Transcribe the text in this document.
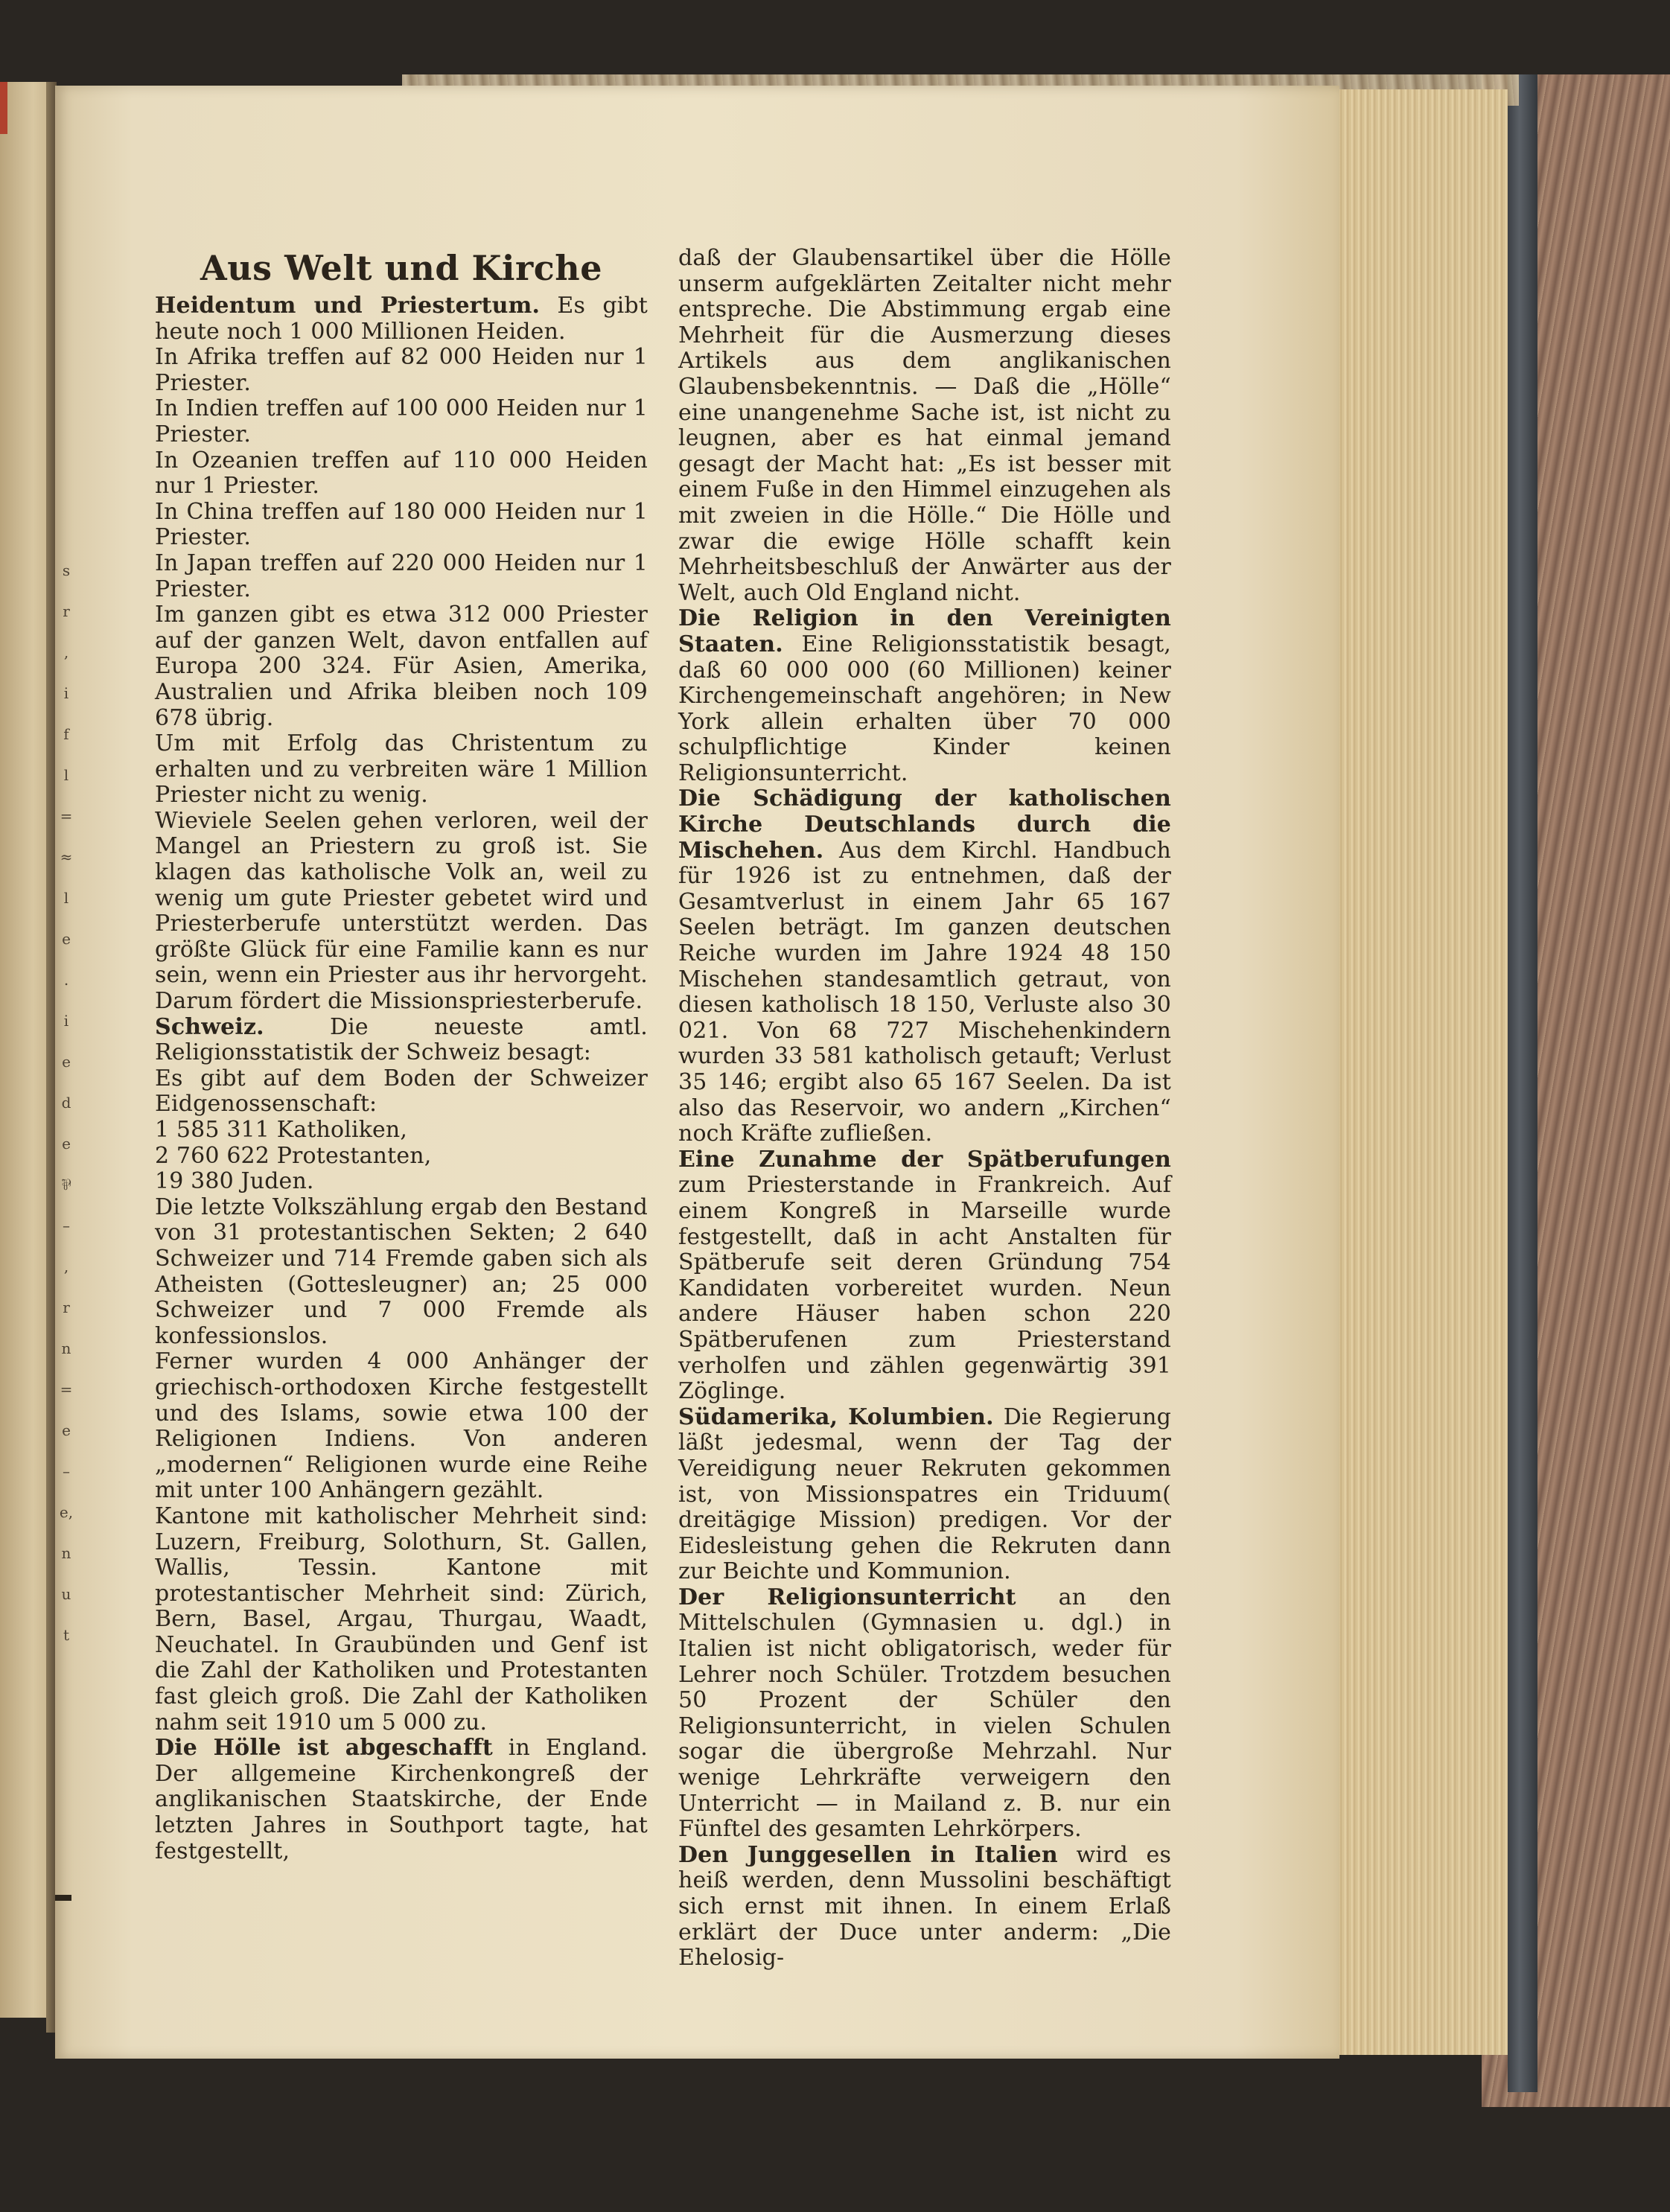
s
r
,
i
f
l
=
≈
l
e
.
i
e
d
e
⅌
–
,
r
n
=
e
–
e,
n
u
t
Aus Welt und Kirche

Heidentum und Priestertum. Es gibt heute noch 1 000 Millionen Heiden.

In Afrika treffen auf 82 000 Heiden nur 1 Priester.

In Indien treffen auf 100 000 Heiden nur 1 Priester.

In Ozeanien treffen auf 110 000 Heiden nur 1 Priester.

In China treffen auf 180 000 Heiden nur 1 Priester.

In Japan treffen auf 220 000 Heiden nur 1 Priester.

Im ganzen gibt es etwa 312 000 Priester auf der ganzen Welt, davon entfallen auf Europa 200 324. Für Asien, Amerika, Australien und Afrika bleiben noch 109 678 übrig.

Um mit Erfolg das Christentum zu erhalten und zu verbreiten wäre 1 Million Priester nicht zu wenig.

Wieviele Seelen gehen verloren, weil der Mangel an Priestern zu groß ist. Sie klagen das katholische Volk an, weil zu wenig um gute Priester gebetet wird und Priesterberufe unterstützt werden. Das größte Glück für eine Familie kann es nur sein, wenn ein Priester aus ihr hervorgeht. Darum fördert die Missionspriesterberufe.

Schweiz. Die neueste amtl. Religionsstatistik der Schweiz besagt:

Es gibt auf dem Boden der Schweizer Eidgenossenschaft:

1 585 311 Katholiken,

2 760 622 Protestanten,

19 380 Juden.

Die letzte Volkszählung ergab den Bestand von 31 protestantischen Sekten; 2 640 Schweizer und 714 Fremde gaben sich als Atheisten (Gottesleugner) an; 25 000 Schweizer und 7 000 Fremde als konfessionslos.

Ferner wurden 4 000 Anhänger der griechisch-orthodoxen Kirche festgestellt und des Islams, sowie etwa 100 der Religionen Indiens. Von anderen „modernen“ Religionen wurde eine Reihe mit unter 100 Anhängern gezählt.

Kantone mit katholischer Mehrheit sind: Luzern, Freiburg, Solothurn, St. Gallen, Wallis, Tessin. Kantone mit protestantischer Mehrheit sind: Zürich, Bern, Basel, Argau, Thurgau, Waadt, Neuchatel. In Graubünden und Genf ist die Zahl der Katholiken und Protestanten fast gleich groß. Die Zahl der Katholiken nahm seit 1910 um 5 000 zu.

Die Hölle ist abgeschafft in England. Der allgemeine Kirchenkongreß der anglikanischen Staatskirche, der Ende letzten Jahres in Southport tagte, hat festgestellt,

daß der Glaubensartikel über die Hölle unserm aufgeklärten Zeitalter nicht mehr entspreche. Die Abstimmung ergab eine Mehrheit für die Ausmerzung dieses Artikels aus dem anglikanischen Glaubensbekenntnis. — Daß die „Hölle“ eine unangenehme Sache ist, ist nicht zu leugnen, aber es hat einmal jemand gesagt der Macht hat: „Es ist besser mit einem Fuße in den Himmel einzugehen als mit zweien in die Hölle.“ Die Hölle und zwar die ewige Hölle schafft kein Mehrheitsbeschluß der Anwärter aus der Welt, auch Old England nicht.

Die Religion in den Vereinigten Staaten. Eine Religionsstatistik besagt, daß 60 000 000 (60 Millionen) keiner Kirchengemeinschaft angehören; in New York allein erhalten über 70 000 schulpflichtige Kinder keinen Religionsunterricht.

Die Schädigung der katholischen Kirche Deutschlands durch die Mischehen. Aus dem Kirchl. Handbuch für 1926 ist zu entnehmen, daß der Gesamtverlust in einem Jahr 65 167 Seelen beträgt. Im ganzen deutschen Reiche wurden im Jahre 1924 48 150 Mischehen standesamtlich getraut, von diesen katholisch 18 150, Verluste also 30 021. Von 68 727 Mischehenkindern wurden 33 581 katholisch getauft; Verlust 35 146; ergibt also 65 167 Seelen. Da ist also das Reservoir, wo andern „Kirchen“ noch Kräfte zufließen.

Eine Zunahme der Spätberufungen zum Priesterstande in Frankreich. Auf einem Kongreß in Marseille wurde festgestellt, daß in acht Anstalten für Spätberufe seit deren Gründung 754 Kandidaten vorbereitet wurden. Neun andere Häuser haben schon 220 Spätberufenen zum Priesterstand verholfen und zählen gegenwärtig 391 Zöglinge.

Südamerika, Kolumbien. Die Regierung läßt jedesmal, wenn der Tag der Vereidigung neuer Rekruten gekommen ist, von Missionspatres ein Triduum( dreitägige Mission) predigen. Vor der Eidesleistung gehen die Rekruten dann zur Beichte und Kommunion.

Der Religionsunterricht an den Mittelschulen (Gymnasien u. dgl.) in Italien ist nicht obligatorisch, weder für Lehrer noch Schüler. Trotzdem besuchen 50 Prozent der Schüler den Religionsunterricht, in vielen Schulen sogar die übergroße Mehrzahl. Nur wenige Lehrkräfte verweigern den Unterricht — in Mailand z. B. nur ein Fünftel des gesamten Lehrkörpers.

Den Junggesellen in Italien wird es heiß werden, denn Mussolini beschäftigt sich ernst mit ihnen. In einem Erlaß erklärt der Duce unter anderm: „Die Ehelosig-
